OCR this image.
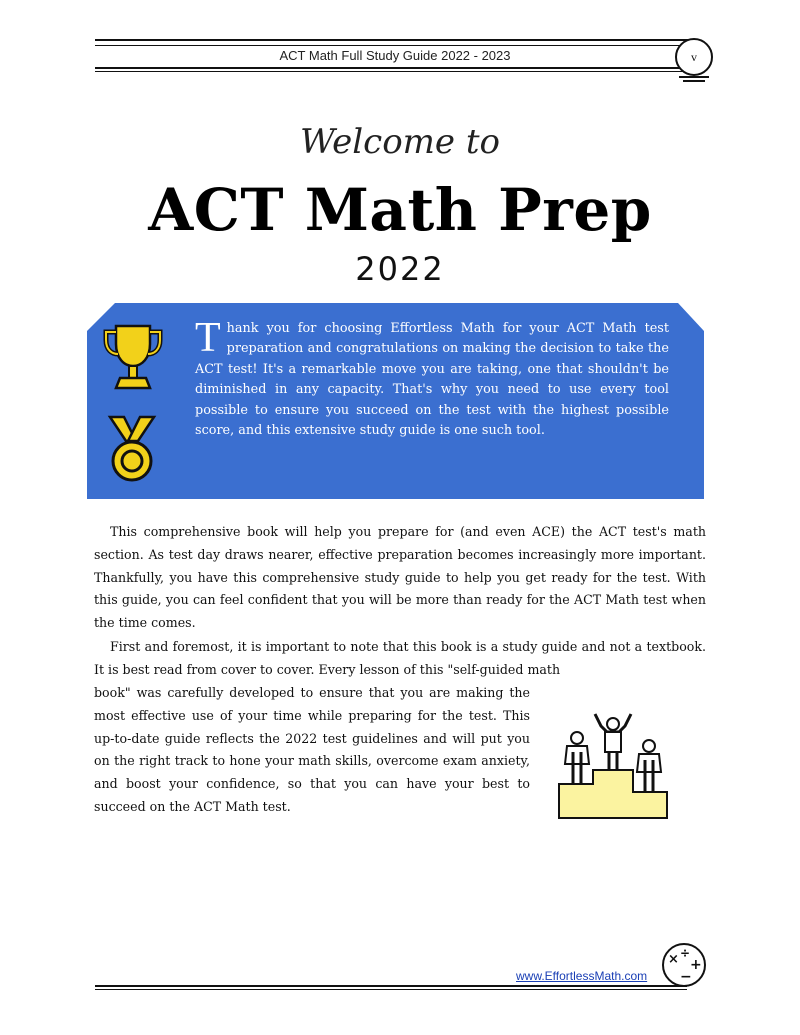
ACT Math Full Study Guide 2022 - 2023	v
Welcome to
ACT Math Prep
2022
T hank you for choosing Effortless Math for your ACT Math test preparation and congratulations on making the decision to take the ACT test! It's a remarkable move you are taking, one that shouldn't be diminished in any capacity. That's why you need to use every tool possible to ensure you succeed on the test with the highest possible score, and this extensive study guide is one such tool.

This comprehensive book will help you prepare for (and even ACE) the ACT test's math section. As test day draws nearer, effective preparation becomes increasingly more important. Thankfully, you have this comprehensive study guide to help you get ready for the test. With this guide, you can feel confident that you will be more than ready for the ACT Math test when the time comes.

First and foremost, it is important to note that this book is a study guide and not a textbook. It is best read from cover to cover. Every lesson of this "self-guided math

book" was carefully developed to ensure that you are making the most effective use of your time while preparing for the test. This up-to-date guide reflects the 2022 test guidelines and will put you on the right track to hone your math skills, overcome exam anxiety, and boost your confidence, so that you can have your best to succeed on the ACT Math test.

www.EffortlessMath.com
× ÷
+
−
